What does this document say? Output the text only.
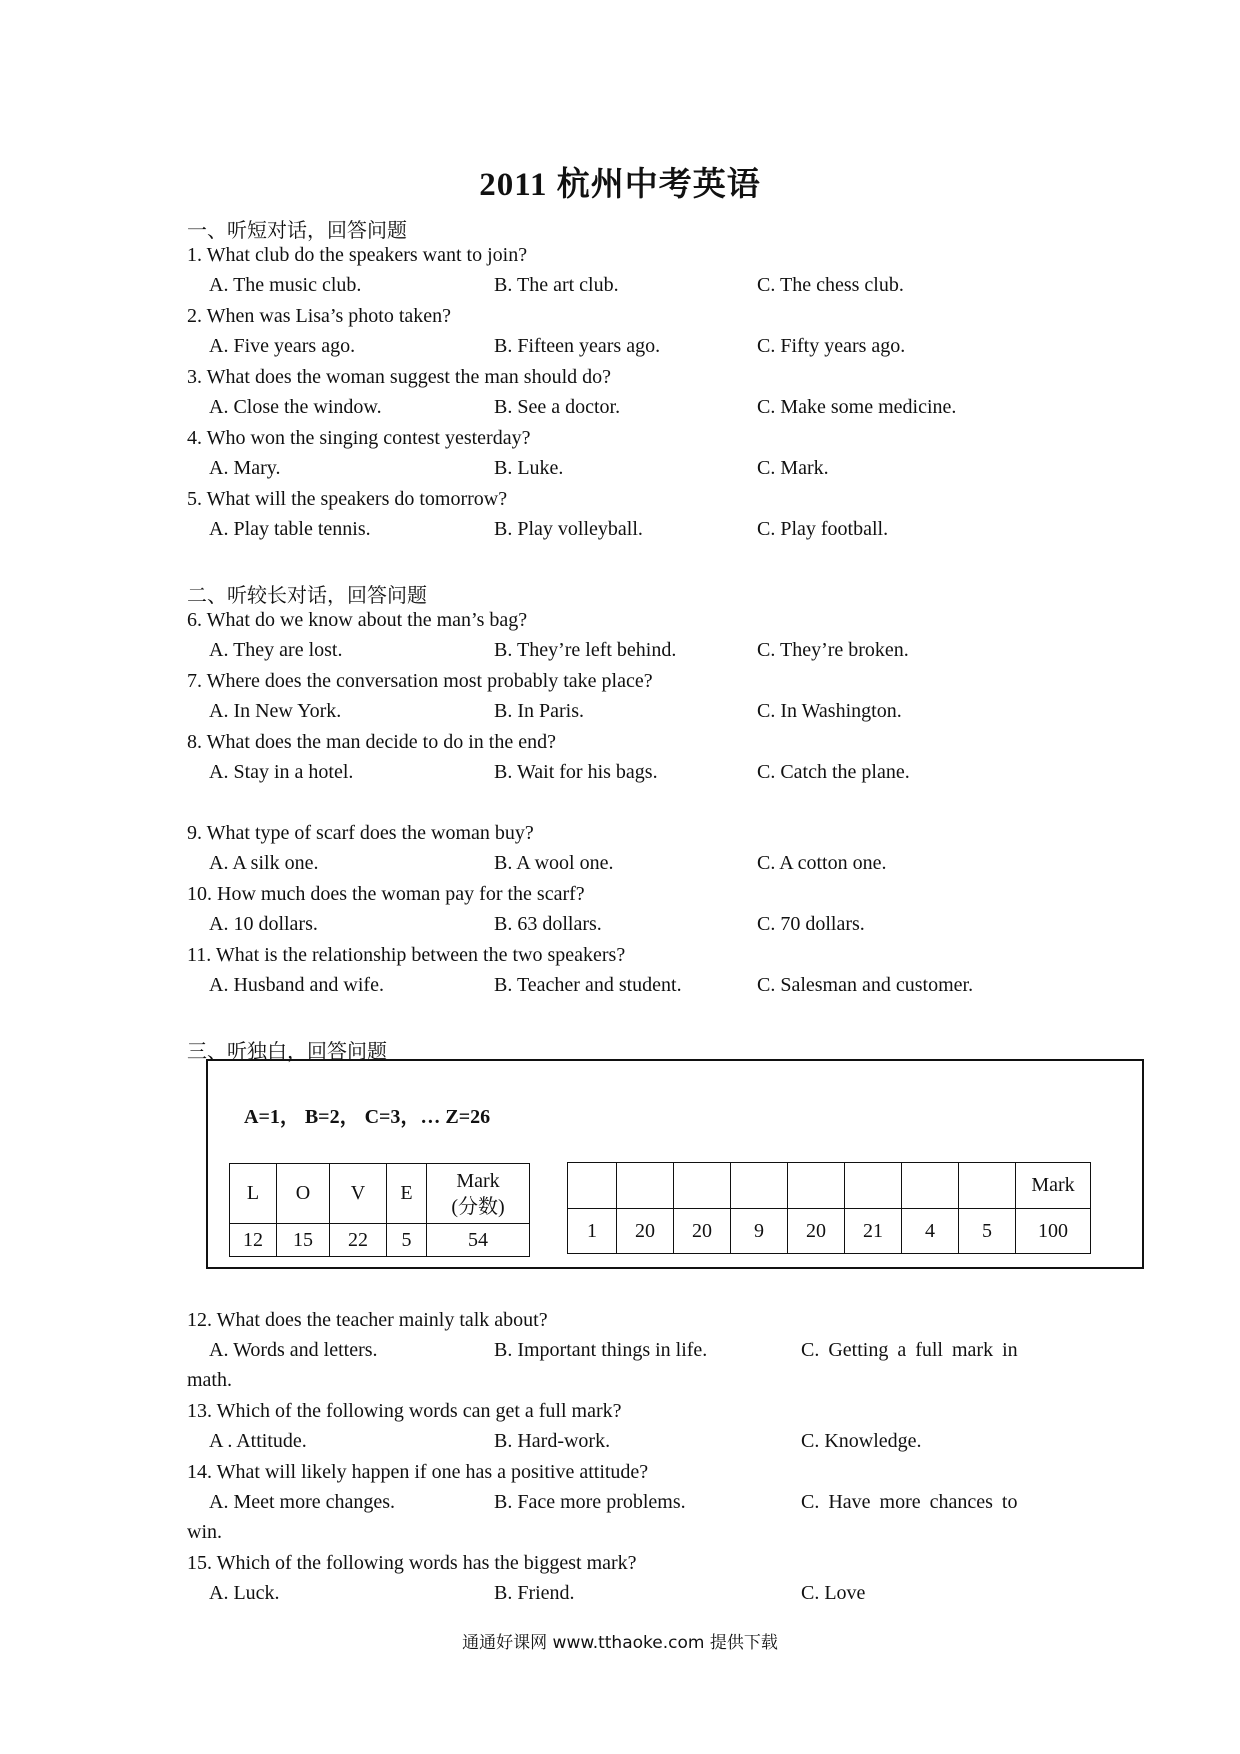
2011 杭州中考英语
一、听短对话，回答问题
1. What club do the speakers want to join?
A. The music club.	B. The art club.	C. The chess club.
2. When was Lisa’s photo taken?
A. Five years ago.	B. Fifteen years ago.	C. Fifty years ago.
3. What does the woman suggest the man should do?
A. Close the window.	B. See a doctor.	C. Make some medicine.
4. Who won the singing contest yesterday?
A. Mary.	B. Luke.	C. Mark.
5. What will the speakers do tomorrow?
A. Play table tennis.	B. Play volleyball.	C. Play football.
二、听较长对话，回答问题
6. What do we know about the man’s bag?
A. They are lost.	B. They’re left behind.	C. They’re broken.
7. Where does the conversation most probably take place?
A. In New York.	B. In Paris.	C. In Washington.
8. What does the man decide to do in the end?
A. Stay in a hotel.	B. Wait for his bags.	C. Catch the plane.
9. What type of scarf does the woman buy?
A. A silk one.	B. A wool one.	C. A cotton one.
10. How much does the woman pay for the scarf?
A. 10 dollars.	B. 63 dollars.	C. 70 dollars.
11. What is the relationship between the two speakers?
A. Husband and wife.	B. Teacher and student.	C. Salesman and customer.
三、听独白，回答问题
A=1， B=2， C=3，… Z=26
L	O	V	E	Mark
(分数)

12	15	22	5	54
								Mark
1	20	20	9	20	21	4	5	100
12. What does the teacher mainly talk about?
A. Words and letters.	B. Important things in life.	C. Getting a full mark in
math.
13. Which of the following words can get a full mark?
A . Attitude.	B. Hard-work.	C. Knowledge.
14. What will likely happen if one has a positive attitude?
A. Meet more changes.	B. Face more problems.	C. Have more chances to
win.
15. Which of the following words has the biggest mark?
A. Luck.	B. Friend.	C. Love
通通好课网 www.tthaoke.com 提供下载
